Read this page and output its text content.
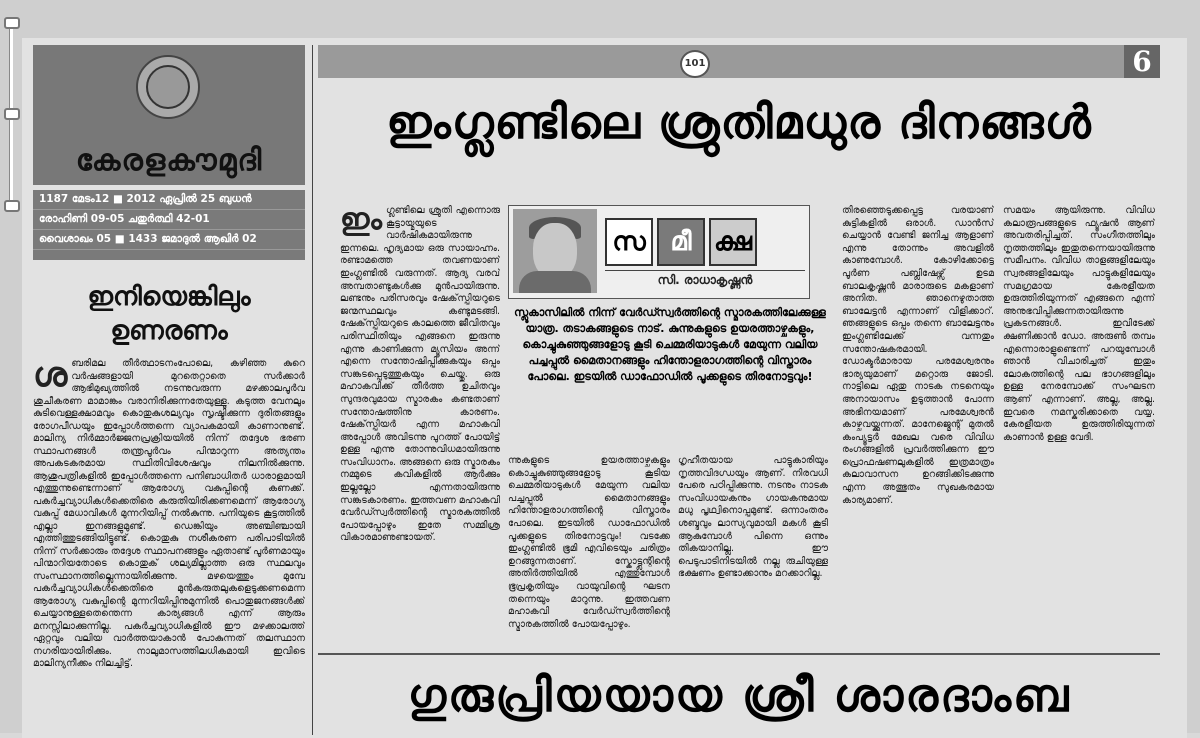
കേരളകൗമുദി
1187 മേടം12 ■ 2012 ഏപ്രിൽ 25 ബുധൻ
രോഹിണി 09-05 ചതുർത്ഥി 42-01
വൈശാഖം 05 ■ 1433 ജമാദുൽ ആഖിർ 02
ഇനിയെങ്കിലും ഉണരണം
ശബരിമല തീർത്ഥാടനംപോലെ, കഴിഞ്ഞ കുറെ വർഷങ്ങളായി മുറതെറ്റാതെ സർക്കാർ ആഭിമുഖ്യത്തിൽ നടന്നുവരുന്ന മഴക്കാലപൂർവ ശുചീകരണ മാമാങ്കം വരാനിരിക്കുന്നതേയുള്ളൂ. കടുത്ത വേനലും കുടിവെള്ളക്ഷാമവും കൊതുകുശല്യവും സൃഷ്ടിക്കുന്ന ദുരിതങ്ങളും രോഗപീഡയും ഇപ്പോൾത്തന്നെ വ്യാപകമായി കാണാനുണ്ട്. മാലിന്യ നിർമ്മാർജ്ജനപ്രക്രിയയിൽ നിന്ന് തദ്ദേശ ഭരണ സ്ഥാപനങ്ങൾ തന്ത്രപൂർവം പിന്മാറുന്ന അത്യന്തം അപകടകരമായ സ്ഥിതിവിശേഷവും നിലനിൽക്കുന്നു. ആശുപത്രികളിൽ ഇപ്പോൾത്തന്നെ പനിബാധിതർ ധാരാളമായി എത്തുന്നുണ്ടെന്നാണ് ആരോഗ്യ വകുപ്പിന്റെ കണക്ക്. പകർച്ചവ്യാധികൾക്കെതിരെ കരുതിയിരിക്കണമെന്ന് ആരോഗ്യ വകുപ്പ് മേധാവികൾ മുന്നറിയിപ്പ് നൽകുന്നു. പനിയുടെ കൂട്ടത്തിൽ എല്ലാ ഇനങ്ങളുമുണ്ട്. ഡെങ്കിയും അഞ്ചിഞ്ചായി എത്തിത്തുടങ്ങിയിട്ടുണ്ട്. കൊതുകു നശീകരണ പരിപാടിയിൽ നിന്ന് സർക്കാരും തദ്ദേശ സ്ഥാപനങ്ങളും ഏതാണ്ട് പൂർണമായും പിന്മാറിയതോടെ കൊതുക് ശല്യമില്ലാത്ത ഒരു സ്ഥലവും സംസ്ഥാനത്തില്ലെന്നായിരിക്കുന്നു. മഴയെത്തും മുമ്പേ പകർച്ചവ്യാധികൾക്കെതിരെ മുൻകരുതലുകളെടുക്കണമെന്ന ആരോഗ്യ വകുപ്പിന്റെ മുന്നറിയിപ്പിനുമുന്നിൽ പൊതുജനങ്ങൾക്ക് ചെയ്യാനുള്ളതെന്തെന്ന കാര്യങ്ങൾ എന്ന് ആരും മനസ്സിലാക്കുന്നില്ല. പകർച്ചവ്യാധികളിൽ ഈ മഴക്കാലത്ത് ഏറ്റവും വലിയ വാർത്തയാകാൻ പോകുന്നത് തലസ്ഥാന നഗരിയായിരിക്കും. നാലുമാസത്തിലധികമായി ഇവിടെ മാലിന്യനീക്കം നിലച്ചിട്ട്.
101	6
ഇംഗ്ലണ്ടിലെ ശ്രുതിമധുര ദിനങ്ങൾ
ഇംഗ്ലണ്ടിലെ ശ്രുതി എന്നൊരു കൂട്ടായ്മയുടെ വാർഷികമായിരുന്നു ഇന്നലെ. ഹൃദ്യമായ ഒരു സായാഹ്നം. രണ്ടാമത്തെ തവണയാണ് ഇംഗ്ലണ്ടിൽ വരുന്നത്. ആദ്യ വരവ് അമ്പതാണ്ടുകൾക്കു മുൻപായിരുന്നു. ലണ്ടനും പരിസരവും ഷേക്‌സ്പിയറുടെ ജന്മസ്ഥലവും കണ്ടുമടങ്ങി. ഷേക്‌സ്പിയറുടെ കാലത്തെ ജീവിതവും പരിസ്ഥിതിയും എങ്ങനെ ഇരുന്നു എന്നു കാണിക്കുന്ന മ്യൂസിയം അന്ന് എന്നെ സന്തോഷിപ്പിക്കുകയും ഒപ്പം സങ്കടപ്പെടുത്തുകയും ചെയ്തു. ഒരു മഹാകവിക്ക് തീർത്ത ഉചിതവും സുന്ദരവുമായ സ്മാരകം കണ്ടതാണ് സന്തോഷത്തിനു കാരണം. ഷേക്‌സ്പിയർ എന്ന മഹാകവി അപ്പോൾ അവിടന്നു പുറത്ത് പോയിട്ട് ഉള്ള എന്നു തോന്നുവിധമായിരുന്നു സംവിധാനം. അങ്ങനെ ഒരു സ്മാരകം നമ്മുടെ കവികളിൽ ആർക്കും ഇല്ലല്ലോ എന്നതായിരുന്നു സങ്കടകാരണം. ഇത്തവണ മഹാകവി വേർഡ്സ്വർത്തിന്റെ സ്മാരകത്തിൽ പോയപ്പോഴും ഇതേ സമ്മിശ്ര വികാരമാണുണ്ടായത്.
സ മീ ക്ഷ
സി. രാധാകൃഷ്ണൻ
സ്ലൂകാസിലിൽ നിന്ന് വേർഡ്സ്വർത്തിന്റെ സ്മാരകത്തിലേക്കുള്ള യാത്ര. തടാകങ്ങളുടെ നാട്. കുന്നുകളുടെ ഉയരത്താഴ്ചകളും, കൊച്ചുകുഞ്ഞുങ്ങളോടു കൂടി ചെമ്മരിയാടുകൾ മേയുന്ന വലിയ പച്ചപ്പുൽ മൈതാനങ്ങളും ഹിന്തോളരാഗത്തിന്റെ വിസ്താരം പോലെ. ഇടയിൽ ഡാഫോഡിൽ പൂക്കളുടെ തിരനോട്ടവും!
ന്നുകളുടെ ഉയരത്താഴ്ചകളും കൊച്ചുകുഞ്ഞുങ്ങളോടു കൂടിയ ചെമ്മരിയാടുകൾ മേയുന്ന വലിയ പച്ചപ്പുൽ മൈതാനങ്ങളും ഹിന്തോളരാഗത്തിന്റെ വിസ്താരം പോലെ. ഇടയിൽ ഡാഫോഡിൽ പൂക്കളുടെ തിരനോട്ടവും! വടക്കേ ഇംഗ്ലണ്ടിൽ ഭൂമി എവിടെയും ചരിത്രം ഉറങ്ങുന്നതാണ്. സ്കോട്ട്ലന്റിന്റെ അതിർത്തിയിൽ എത്തുമ്പോൾ ഭൂപ്രകൃതിയും വായുവിന്റെ ഘടന തന്നെയും മാറുന്നു. ഇത്തവണ മഹാകവി വേർഡ്സ്വർത്തിന്റെ സ്മാരകത്തിൽ പോയപ്പോഴും.
ഗൃഹീതയായ പാട്ടുകാരിയും നൃത്തവിദഗ്ധയും ആണ്. നിരവധി പേരെ പഠിപ്പിക്കുന്നു. നടനും നാടക സംവിധായകനും ഗായകനുമായ മധു പൃഥ്വിനൊപ്പമുണ്ട്. ഒന്നാംതരം ശബ്ദവും ലാസ്യവുമായി മകൾ കൂടി ആകുമ്പോൾ പിന്നെ ഒന്നും തികയാനില്ല. ഈ പെടുപാടിനിടയിൽ നല്ല രുചിയുള്ള ഭക്ഷണം ഉണ്ടാക്കാനും മറക്കാറില്ല.
തിരഞ്ഞെടുക്കപ്പെട്ട വരയാണ് കുട്ടികളിൽ ഒരാൾ. ഡാൻസ് ചെയ്യാൻ വേണ്ടി ജനിച്ച ആളാണ് എന്നു തോന്നും അവളിൽ കാണുമ്പോൾ. കോഴിക്കോട്ടെ പൂർണ പബ്ലിഷേഴ്സ് ഉടമ ബാലകൃഷ്ണൻ മാരാരുടെ മകളാണ് അനിത. ഞാനെഴുതാത്ത ബാലേട്ടൻ എന്നാണ് വിളിക്കാറ്. ഞങ്ങളുടെ ഒപ്പം തന്നെ ബാലേട്ടനും ഇംഗ്ലണ്ടിലേക്ക് വന്നതും സന്തോഷകരമായി. ഡോക്ടർമാരായ പരമേശ്വരനും ഭാര്യയുമാണ് മറ്റൊരു ജോടി. നാട്ടിലെ ഏതു നാടക നടനെയും അനായാസം ഉടുത്താൻ പോന്ന അഭിനയമാണ് പരമേശ്വരൻ കാഴ്ചവയ്ക്കുന്നത്. മാനേജ്മെന്റ് മുതൽ കംപ്യൂട്ടർ മേഖല വരെ വിവിധ രംഗങ്ങളിൽ പ്രവർത്തിക്കുന്ന ഈ പ്രൊഫഷണലുകളിൽ ഇത്രമാത്രം കലാവാസന ഉറങ്ങിക്കിടക്കുന്നു എന്ന അത്ഭുതം സുഖകരമായ കാര്യമാണ്.
സമയം ആയിരുന്നു. വിവിധ കലാരൂപങ്ങളുടെ ഫ്യൂഷൻ ആണ് അവതരിപ്പിച്ചത്. സംഗീതത്തിലും നൃത്തത്തിലും ഇതുതന്നെയായിരുന്നു സമീപനം. വിവിധ താളങ്ങളിലേയും സ്വരങ്ങളിലേയും പാട്ടുകളിലേയും സമഗ്രമായ കേരളീയത ഉരുത്തിരിയുന്നത് എങ്ങനെ എന്ന് അനുഭവിപ്പിക്കുന്നതായിരുന്നു പ്രകടനങ്ങൾ. ഇവിടേക്ക് ക്ഷണിക്കാൻ ഡോ. അരുൺ തമ്പം എന്നൊരാളുണ്ടെന്ന് പറയുമ്പോൾ ഞാൻ വിചാരിച്ചത് ഇതും ലോകത്തിന്റെ പല ഭാഗങ്ങളിലും ഉള്ള നേരമ്പോക്ക് സംഘടന ആണ് എന്നാണ്. അല്ല, അല്ല. ഇവരെ നമസ്കരിക്കാതെ വയ്യ. കേരളീയത ഉരുത്തിരിയുന്നത് കാണാൻ ഉള്ള വേദി.
ഗുരുപ്രിയയായ ശ്രീ ശാരദാംബ
